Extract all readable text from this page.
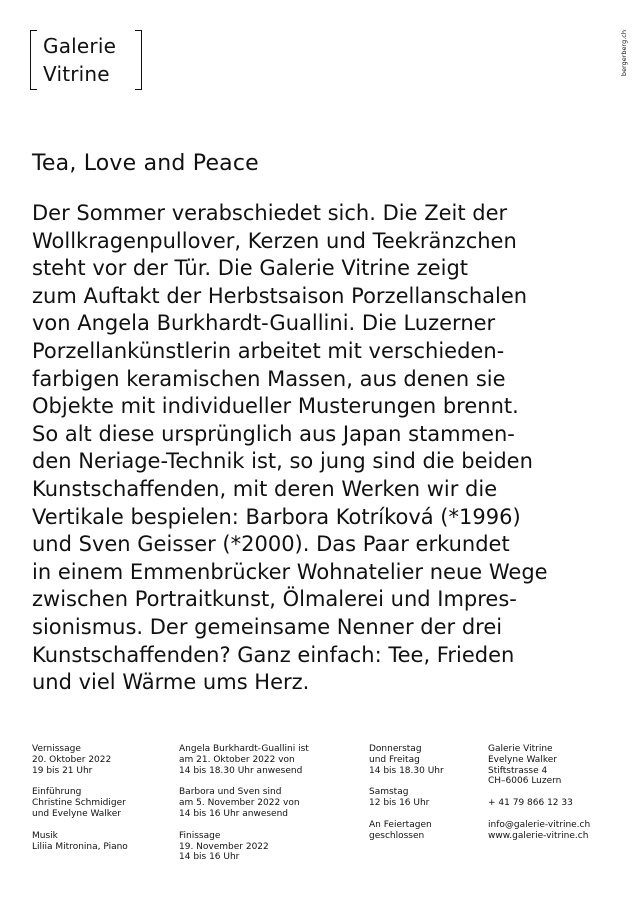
Galerie
Vitrine	bergerberg.ch
Tea, Love and Peace
Der Sommer verabschiedet sich. Die Zeit der
Wollkragenpullover, Kerzen und Teekränzchen
steht vor der Tür. Die Galerie Vitrine zeigt
zum Auftakt der Herbstsaison Porzellanschalen
von Angela Burkhardt-Guallini. Die Luzerner
Porzellankünstlerin arbeitet mit verschieden-
farbigen keramischen Massen, aus denen sie
Objekte mit individueller Musterungen brennt.
So alt diese ursprünglich aus Japan stammen-
den Neriage-Technik ist, so jung sind die beiden
Kunstschaffenden, mit deren Werken wir die
Vertikale bespielen: Barbora Kotríková (*1996)
und Sven Geisser (*2000). Das Paar erkundet
in einem Emmenbrücker Wohnatelier neue Wege
zwischen Portraitkunst, Ölmalerei und Impres-
sionismus. Der gemeinsame Nenner der drei
Kunstschaffenden? Ganz einfach: Tee, Frieden
und viel Wärme ums Herz.
Vernissage
20. Oktober 2022
19 bis 21 Uhr
Einführung
Christine Schmidiger
und Evelyne Walker
Musik
Liliia Mitronina, Piano
Angela Burkhardt-Guallini ist
am 21. Oktober 2022 von
14 bis 18.30 Uhr anwesend
Barbora und Sven sind
am 5. November 2022 von
14 bis 16 Uhr anwesend
Finissage
19. November 2022
14 bis 16 Uhr
Donnerstag
und Freitag
14 bis 18.30 Uhr
Samstag
12 bis 16 Uhr
An Feiertagen
geschlossen
Galerie Vitrine
Evelyne Walker
Stiftstrasse 4
CH–6006 Luzern
+ 41 79 866 12 33
info@galerie-vitrine.ch
www.galerie-vitrine.ch
